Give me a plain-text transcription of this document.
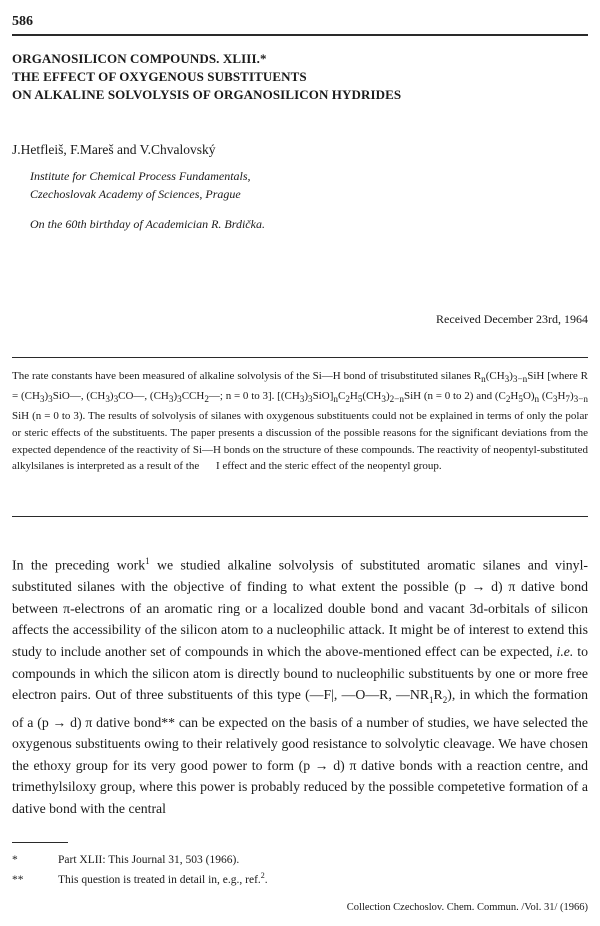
586
ORGANOSILICON COMPOUNDS. XLIII.*
THE EFFECT OF OXYGENOUS SUBSTITUENTS
ON ALKALINE SOLVOLYSIS OF ORGANOSILICON HYDRIDES
J.Hetfleiš, F.Mareš and V.Chvalovský
Institute for Chemical Process Fundamentals,
Czechoslovak Academy of Sciences, Prague
On the 60th birthday of Academician R. Brdička.
Received December 23rd, 1964

The rate constants have been measured of alkaline solvolysis of the Si—H bond of trisubstituted silanes $R_n(CH_3)_{3-n}SiH$ [where $R = (CH_3)_3SiO—$, $(CH_3)_3CO—$, $(CH_3)_3CCH_2—$; n = 0 to 3]. $[(CH_3)_3SiO]_nC_2H_5(CH_3)_{2-n}SiH$ (n = 0 to 2) and $(C_2H_5O)_n$ $(C_3H_7)_{3-n}$ SiH (n = 0 to 3). The results of solvolysis of silanes with oxygenous substituents could not be explained in terms of only the polar or steric effects of the substituents. The paper presents a discussion of the possible reasons for the significant deviations from the expected dependence of the reactivity of Si—H bonds on the structure of these compounds. The reactivity of neopentyl-substituted alkylsilanes is interpreted as a result of the I effect and the steric effect of the neopentyl group.

In the preceding work$^1$ we studied alkaline solvolysis of substituted aromatic silanes and vinyl-substituted silanes with the objective of finding to what extent the possible (p → d) π dative bond between π-electrons of an aromatic ring or a localized double bond and vacant 3d-orbitals of silicon affects the accessibility of the silicon atom to a nucleophilic attack. It might be of interest to extend this study to include another set of compounds in which the above-mentioned effect can be expected, i.e. to compounds in which the silicon atom is directly bound to nucleophilic substituents by one or more free electron pairs. Out of three substituents of this type (—F|, —O—R, $—NR_1R_2$), in which the formation of a (p → d) π dative bond** can be expected on the basis of a number of studies, we have selected the oxygenous substituents owing to their relatively good resistance to solvolytic cleavage. We have chosen the ethoxy group for its very good power to form (p → d) π dative bonds with a reaction centre, and trimethylsiloxy group, where this power is probably reduced by the possible competetive formation of a dative bond with the central

*	Part XLII: This Journal 31, 503 (1966).
**	This question is treated in detail in, e.g., ref.$^2$.
Collection Czechoslov. Chem. Commun. /Vol. 31/ (1966)
